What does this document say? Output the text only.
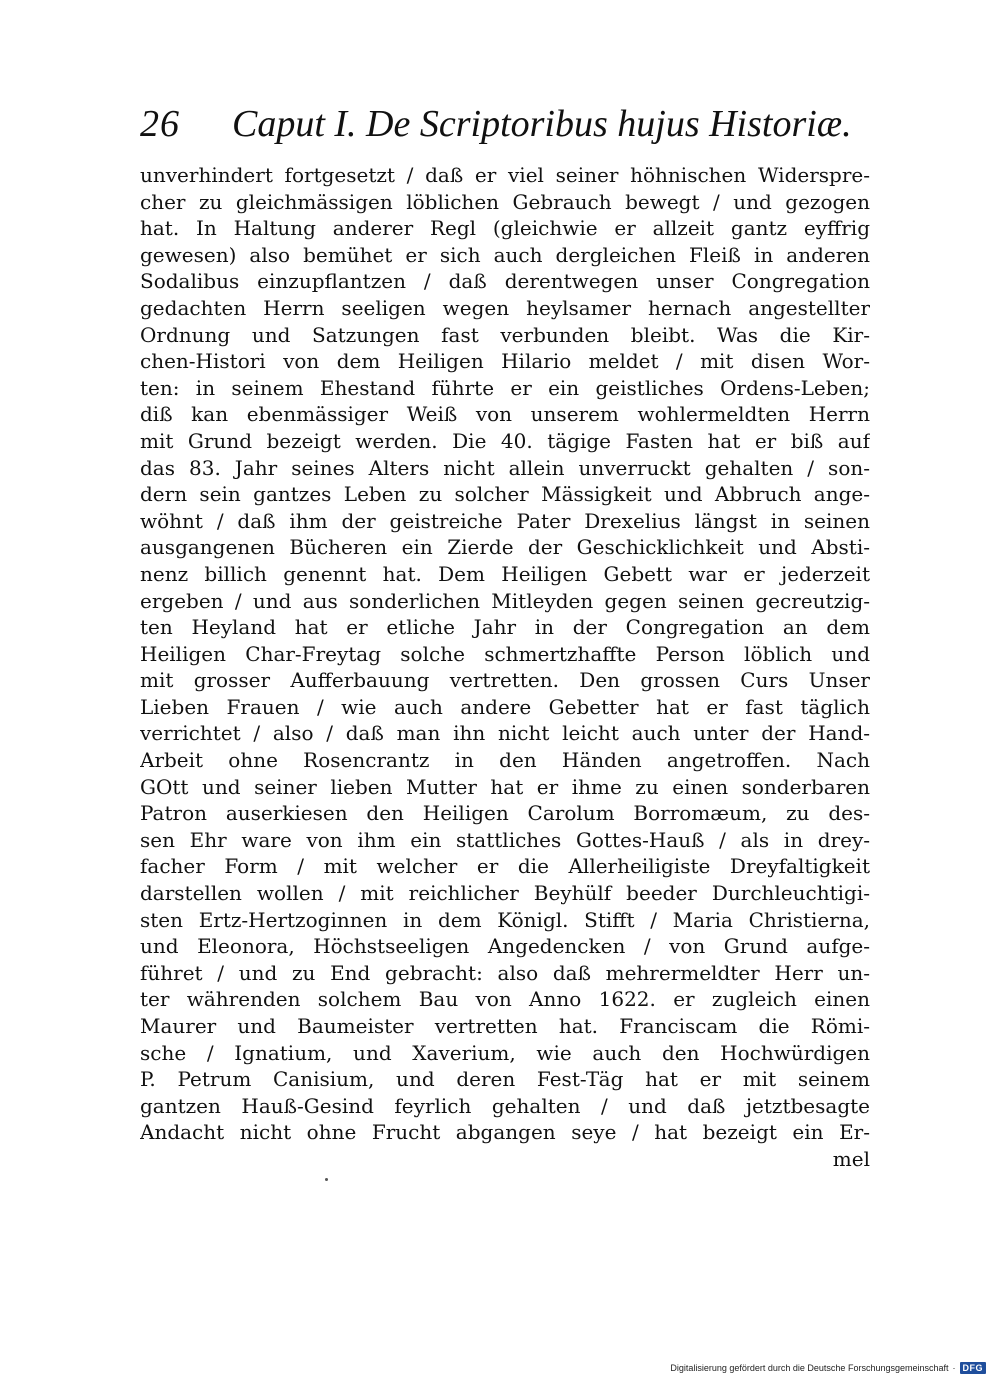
26 Caput I. De Scriptoribus hujus Historiæ.
unverhindert fortgesetzt / daß er viel seiner höhnischen Widerspre-
cher zu gleichmässigen löblichen Gebrauch bewegt / und gezogen
hat. In Haltung anderer Regl (gleichwie er allzeit gantz eyffrig
gewesen) also bemühet er sich auch dergleichen Fleiß in anderen
Sodalibus einzupflantzen / daß derentwegen unser Congregation
gedachten Herrn seeligen wegen heylsamer hernach angestellter
Ordnung und Satzungen fast verbunden bleibt. Was die Kir-
chen-Histori von dem Heiligen Hilario meldet / mit disen Wor-
ten: in seinem Ehestand führte er ein geistliches Ordens-Leben;
diß kan ebenmässiger Weiß von unserem wohlermeldten Herrn
mit Grund bezeigt werden. Die 40. tägige Fasten hat er biß auf
das 83. Jahr seines Alters nicht allein unverruckt gehalten / son-
dern sein gantzes Leben zu solcher Mässigkeit und Abbruch ange-
wöhnt / daß ihm der geistreiche Pater Drexelius längst in seinen
ausgangenen Bücheren ein Zierde der Geschicklichkeit und Absti-
nenz billich genennt hat. Dem Heiligen Gebett war er jederzeit
ergeben / und aus sonderlichen Mitleyden gegen seinen gecreutzig-
ten Heyland hat er etliche Jahr in der Congregation an dem
Heiligen Char-Freytag solche schmertzhaffte Person löblich und
mit grosser Aufferbauung vertretten. Den grossen Curs Unser
Lieben Frauen / wie auch andere Gebetter hat er fast täglich
verrichtet / also / daß man ihn nicht leicht auch unter der Hand-
Arbeit ohne Rosencrantz in den Händen angetroffen. Nach
GOtt und seiner lieben Mutter hat er ihme zu einen sonderbaren
Patron auserkiesen den Heiligen Carolum Borromæum, zu des-
sen Ehr ware von ihm ein stattliches Gottes-Hauß / als in drey-
facher Form / mit welcher er die Allerheiligiste Dreyfaltigkeit
darstellen wollen / mit reichlicher Beyhülf beeder Durchleuchtigi-
sten Ertz-Hertzoginnen in dem Königl. Stifft / Maria Christierna,
und Eleonora, Höchstseeligen Angedencken / von Grund aufge-
führet / und zu End gebracht: also daß mehrermeldter Herr un-
ter währenden solchem Bau von Anno 1622. er zugleich einen
Maurer und Baumeister vertretten hat. Franciscam die Römi-
sche / Ignatium, und Xaverium, wie auch den Hochwürdigen
P. Petrum Canisium, und deren Fest-Täg hat er mit seinem
gantzen Hauß-Gesind feyrlich gehalten / und daß jetztbesagte
Andacht nicht ohne Frucht abgangen seye / hat bezeigt ein Er-
mel
Digitalisierung gefördert durch die Deutsche Forschungsgemeinschaft · DFG
